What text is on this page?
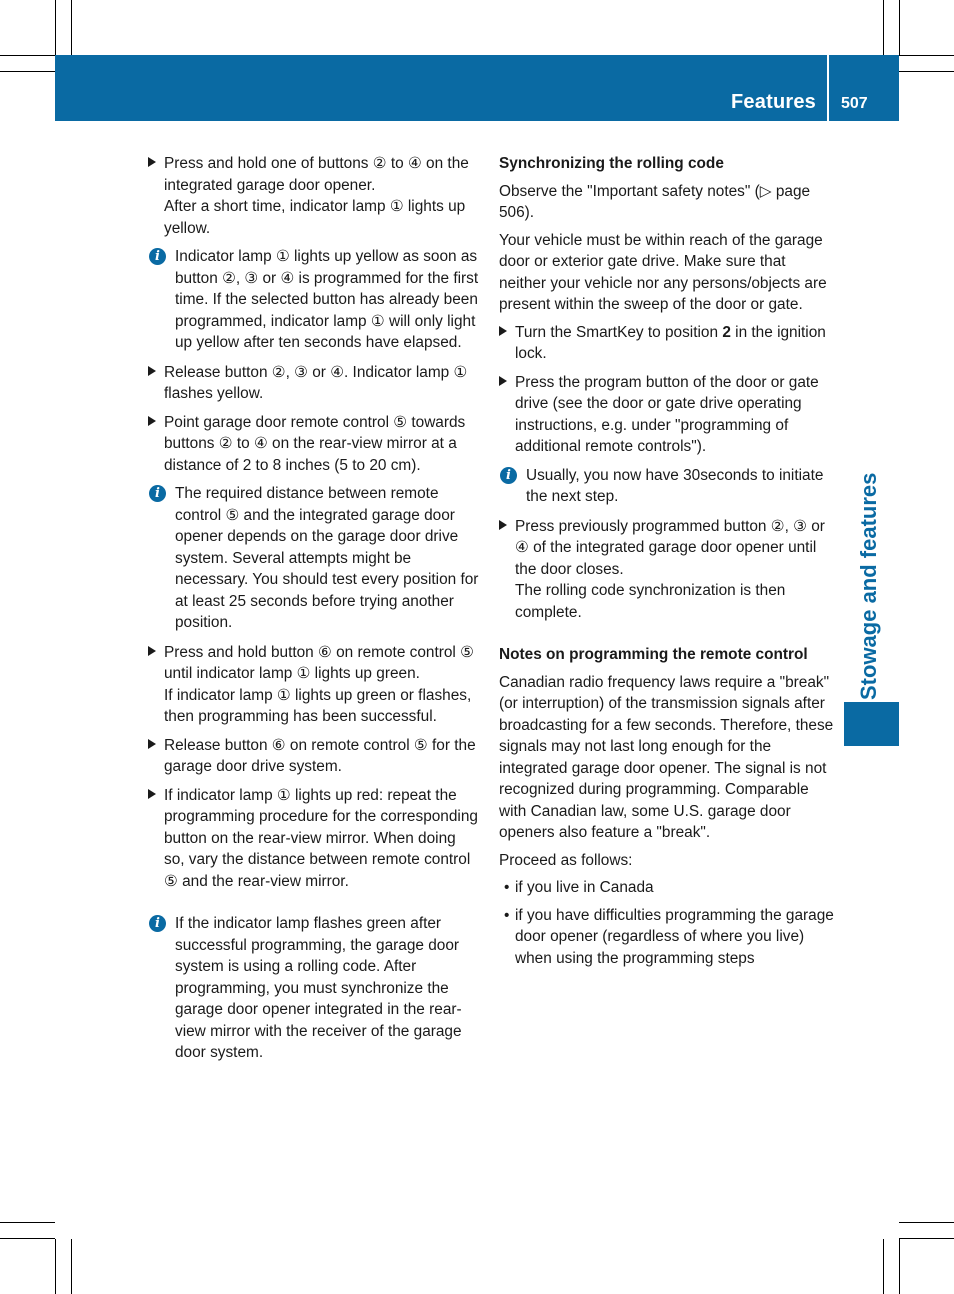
Features 507
Stowage and features
Press and hold one of buttons ② to ④ on the integrated garage door opener.
After a short time, indicator lamp ① lights up yellow.
i Indicator lamp ① lights up yellow as soon as button ②, ③ or ④ is programmed for the first time. If the selected button has already been programmed, indicator lamp ① will only light up yellow after ten seconds have elapsed.
Release button ②, ③ or ④. Indicator lamp ① flashes yellow.
Point garage door remote control ⑤ towards buttons ② to ④ on the rear-view mirror at a distance of 2 to 8 inches (5 to 20 cm).
i The required distance between remote control ⑤ and the integrated garage door opener depends on the garage door drive system. Several attempts might be necessary. You should test every position for at least 25 seconds before trying another position.
Press and hold button ⑥ on remote control ⑤ until indicator lamp ① lights up green.
If indicator lamp ① lights up green or flashes, then programming has been successful.
Release button ⑥ on remote control ⑤ for the garage door drive system.
If indicator lamp ① lights up red: repeat the programming procedure for the corresponding button on the rear-view mirror. When doing so, vary the distance between remote control ⑤ and the rear-view mirror.
i If the indicator lamp flashes green after successful programming, the garage door system is using a rolling code. After programming, you must synchronize the garage door opener integrated in the rear-view mirror with the receiver of the garage door system.

Synchronizing the rolling code

Observe the "Important safety notes" (▷ page 506).

Your vehicle must be within reach of the garage door or exterior gate drive. Make sure that neither your vehicle nor any persons/objects are present within the sweep of the door or gate.

Turn the SmartKey to position 2 in the ignition lock.
Press the program button of the door or gate drive (see the door or gate drive operating instructions, e.g. under "programming of additional remote controls").
i Usually, you now have 30seconds to initiate the next step.
Press previously programmed button ②, ③ or ④ of the integrated garage door opener until the door closes.
The rolling code synchronization is then complete.

Notes on programming the remote control

Canadian radio frequency laws require a "break" (or interruption) of the transmission signals after broadcasting for a few seconds. Therefore, these signals may not last long enough for the integrated garage door opener. The signal is not recognized during programming. Comparable with Canadian law, some U.S. garage door openers also feature a "break".

Proceed as follows:

• if you live in Canada
• if you have difficulties programming the garage door opener (regardless of where you live) when using the programming steps
